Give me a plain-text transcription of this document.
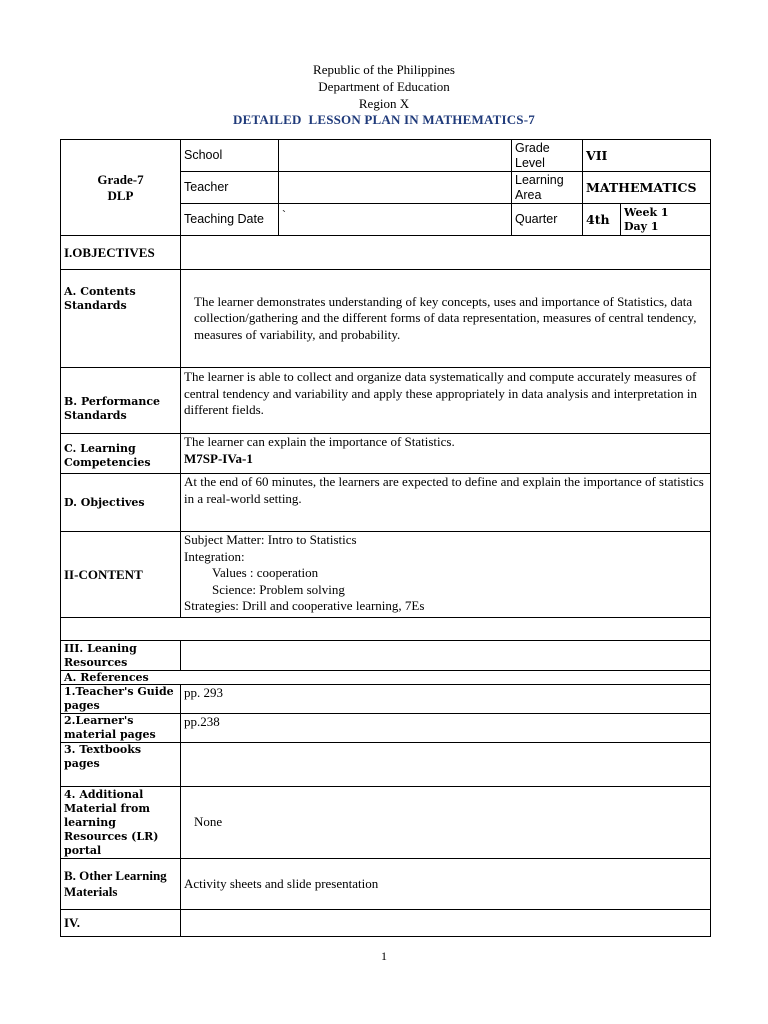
Republic of the Philippines
Department of Education
Region X
DETAILED  LESSON PLAN IN MATHEMATICS-7
Grade-7
DLP	School		Grade Level	VII	
	Teacher		Learning Area	MATHEMATICS	
	Teaching Date	`	Quarter	4th	Week 1
Day 1

I.OBJECTIVES					
A. Contents Standards	The learner demonstrates understanding of key concepts, uses and importance of Statistics, data collection/gathering and the different forms of data representation, measures of central tendency, measures of variability, and probability.				
B. Performance Standards	The learner is able to collect and organize data systematically and compute accurately measures of central tendency and variability and apply these appropriately in data analysis and interpretation in different fields.				
C. Learning Competencies	The learner can explain the importance of Statistics.
M7SP-IVa-1				

D. Objectives	At the end of 60 minutes, the learners are expected to define and explain the importance of statistics in a real-world setting.				
II-CONTENT	Subject Matter: Intro to Statistics
Integration:
Values : cooperation
Science: Problem solving
Strategies: Drill and cooperative learning, 7Es				

III. Leaning Resources					
A. References					
1.Teacher's Guide pages	pp. 293				
2.Learner's material pages	pp.238				
3. Textbooks pages					
4. Additional Material from learning Resources (LR) portal	None				
B. Other Learning Materials	Activity sheets and slide presentation				
IV.					
1
